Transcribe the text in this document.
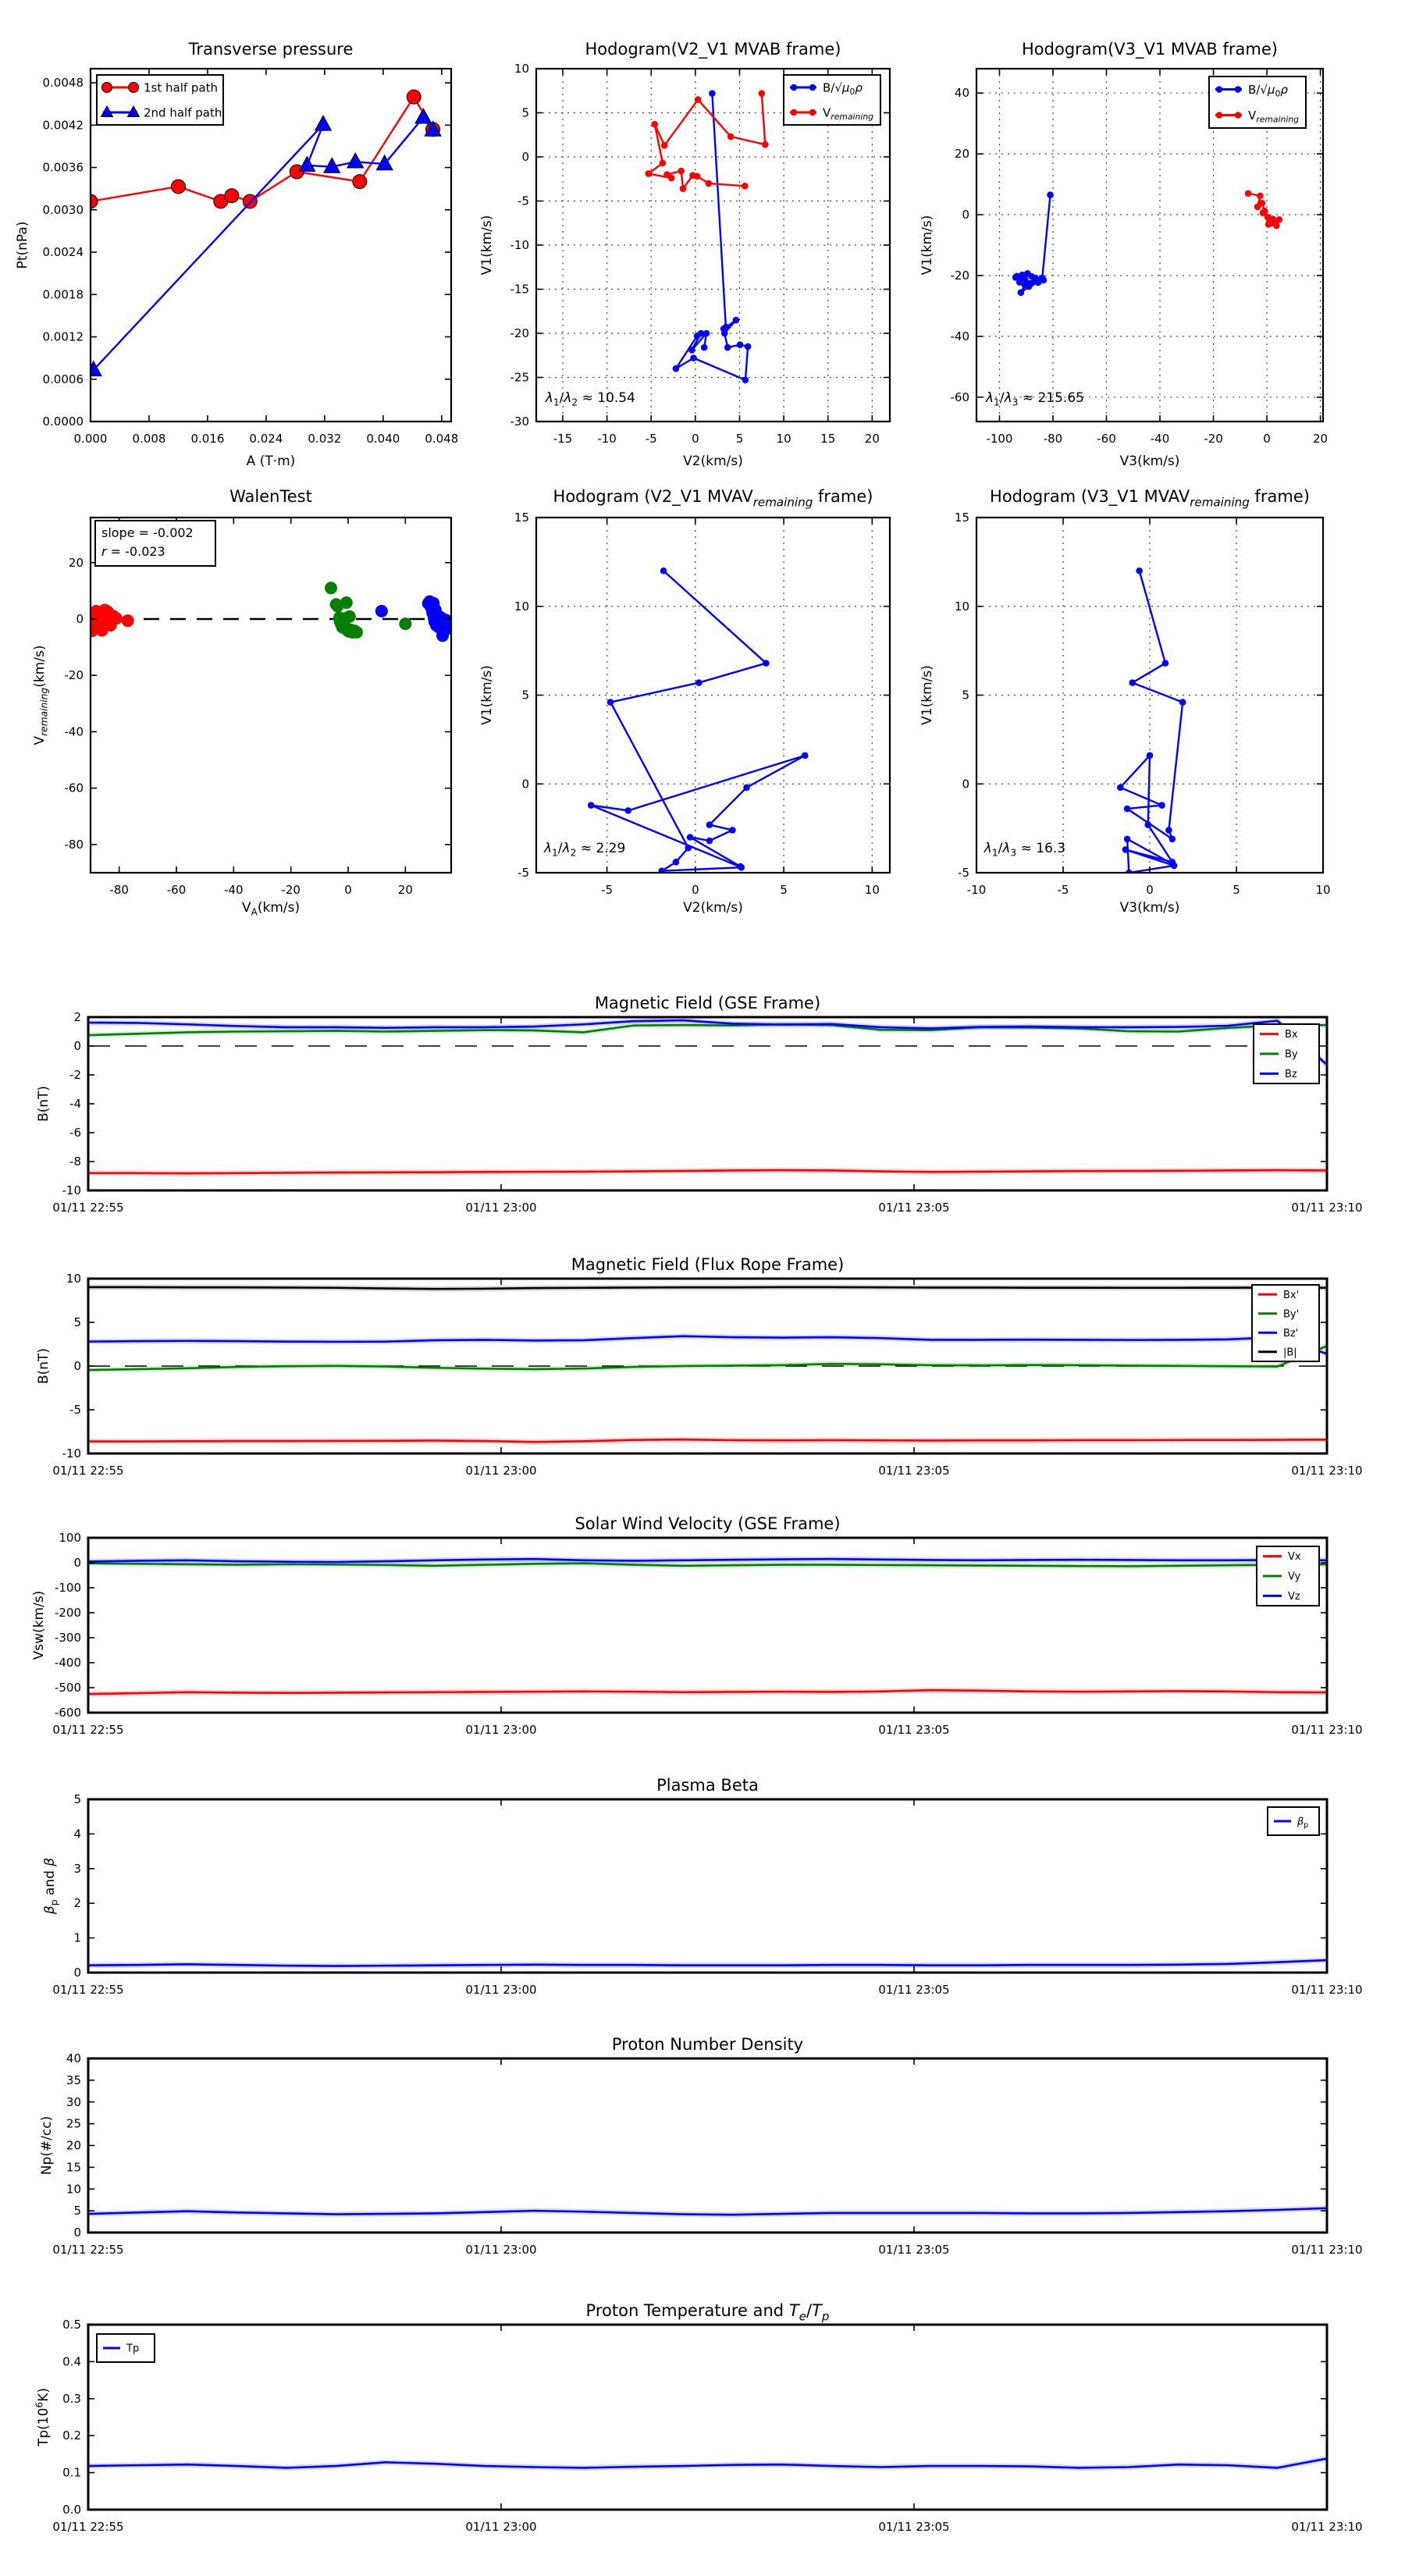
0.000 0.008 0.016 0.024 0.032 0.040 0.048
0.0000
0.0006
0.0012
0.0018
0.0024
0.0030
0.0036
0.0042
0.0048
Transverse pressure
A (T·m)
Pt(nPa)
1st half path
2nd half path
-15 -10 -5	0	5	10	15	20
-30
-25
-20
-15
-10
-5
0
5
10
Hodogram(V2_V1 MVAB frame)
V2(km/s)
V1(km/s)
$\lambda_1/\lambda_2 \approx 10.54$
$B/√\mu_0\rho$
$V_{remaining}$
-100	-80	-60	-40	-20	0	20
-60
-40
-20
0
20
40
Hodogram(V3_V1 MVAB frame)
V3(km/s)
V1(km/s)
$\lambda_1/\lambda_3 \approx 215.65$
$B/√\mu_0\rho$
$V_{remaining}$
-80	-60	-40	-20	0	20
-80
-60
-40
-20
0
20
WalenTest
$V_A(km/s)$
$V_{remaining}(km/s)$
slope = -0.002
r = -0.023
-5	0	5	10
-5
0
5
10
15
Hodogram (V2_V1 $MVAV_{remaining}$ frame)
V2(km/s)
V1(km/s)
$\lambda_1/\lambda_2 \approx 2.29$
-10	-5	0	5	10
-5
0
5
10
15
Hodogram (V3_V1 $MVAV_{remaining}$ frame)
V3(km/s)
V1(km/s)
$\lambda_1/\lambda_3 \approx 16.3$
01/11 22:55	01/11 23:00	01/11 23:05	01/11 23:10
-10
-8
-6
-4
-2
0
2
Magnetic Field (GSE Frame)
B(nT)
Bx
By
Bz
01/11 22:55	01/11 23:00	01/11 23:05	01/11 23:10
-10
-5
0
5
10
Magnetic Field (Flux Rope Frame)
B(nT)
Bx'
By'
Bz'
|B|
01/11 22:55	01/11 23:00	01/11 23:05	01/11 23:10
-600
-500
-400
-300
-200
-100
0
100
Solar Wind Velocity (GSE Frame)
Vsw(km/s)
Vx
Vy
Vz
01/11 22:55	01/11 23:00	01/11 23:05	01/11 23:10
0
1
2
3
4
5
Plasma Beta
$\beta_p$ and β
$\beta_p$
01/11 22:55	01/11 23:00	01/11 23:05	01/11 23:10
0
5
10
15
20
25
30
35
40
Proton Number Density
Np(#/cc)
01/11 22:55	01/11 23:00	01/11 23:05	01/11 23:10
0.0
0.1
0.2
0.3
0.4
0.5
Proton Temperature and $T_e/T_p$
$Tp(10^6K)$
Tp
